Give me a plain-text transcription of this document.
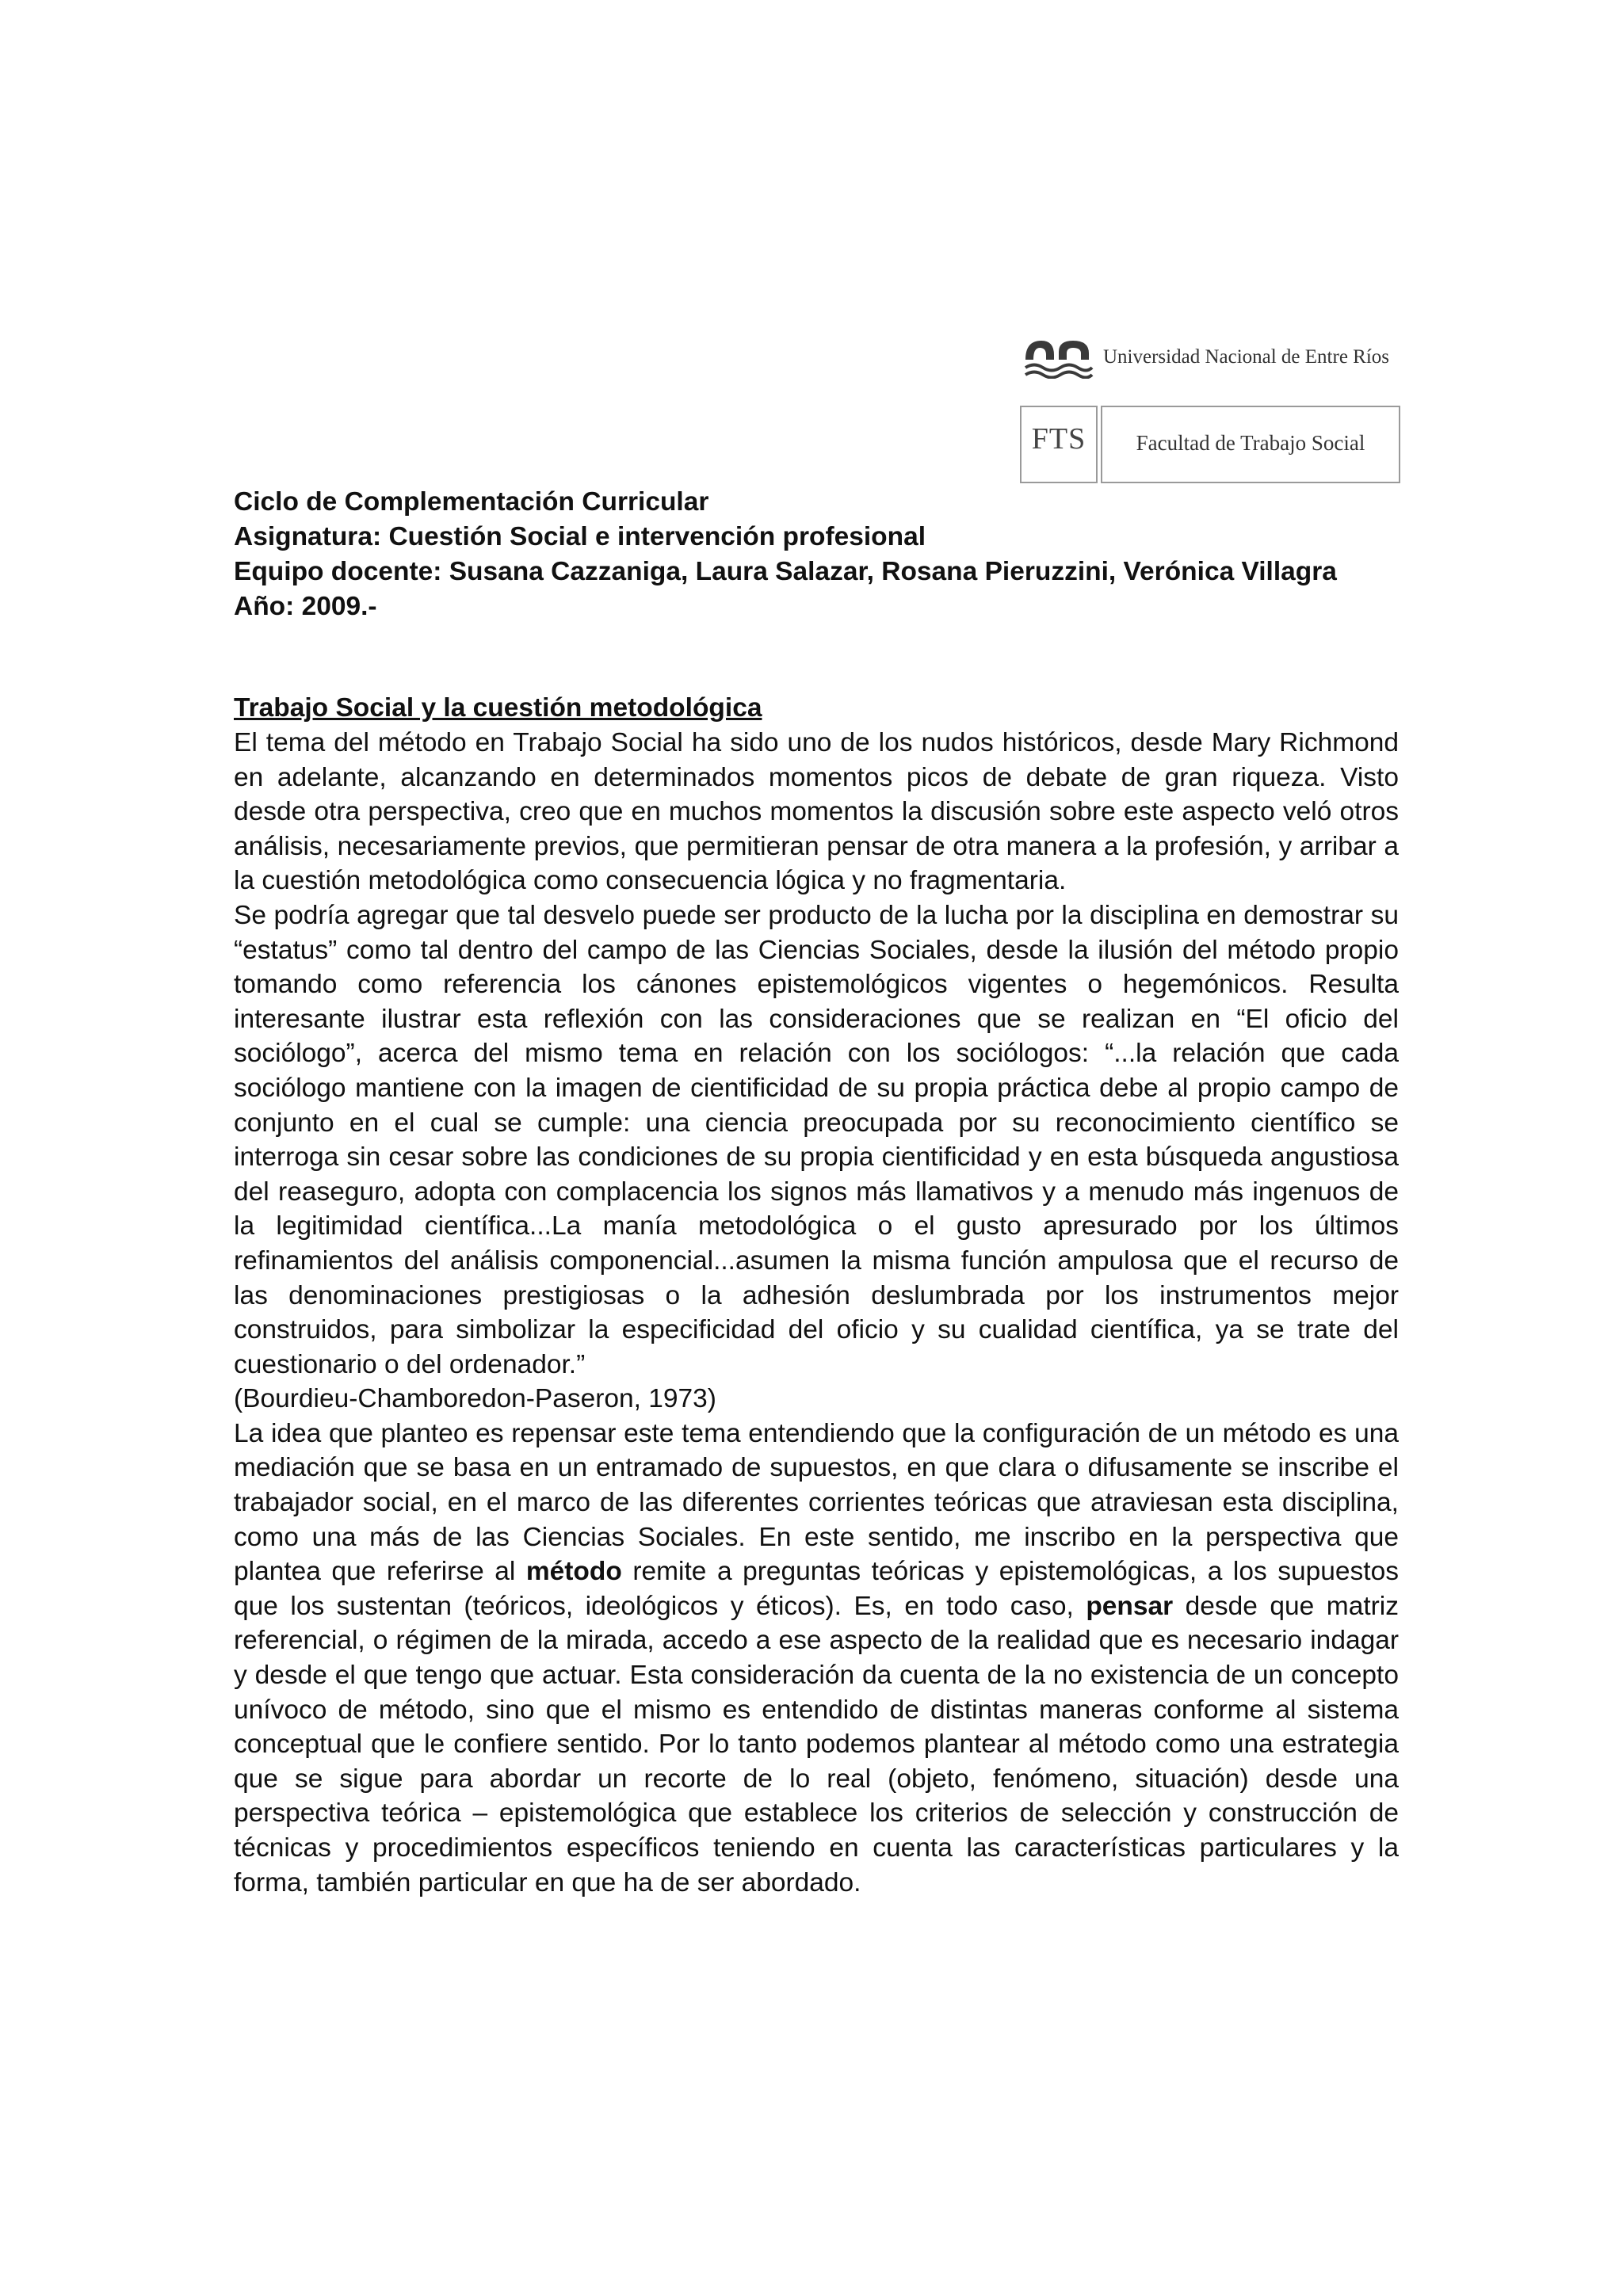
Universidad Nacional de Entre Ríos
FTS	Facultad de Trabajo Social

Ciclo de Complementación Curricular

Asignatura: Cuestión Social e intervención profesional

Equipo docente: Susana Cazzaniga, Laura Salazar, Rosana Pieruzzini, Verónica Villagra

Año: 2009.-

Trabajo Social y la cuestión metodológica

El tema del método en Trabajo Social ha sido uno de los nudos históricos, desde Mary Richmond en adelante, alcanzando en determinados momentos picos de debate de gran riqueza. Visto desde otra perspectiva, creo que en muchos momentos la discusión sobre este aspecto veló otros análisis, necesariamente previos, que permitieran pensar de otra manera a la profesión, y arribar a la cuestión metodológica como consecuencia lógica y no fragmentaria.

Se podría agregar que tal desvelo puede ser producto de la lucha por la disciplina en demostrar su “estatus” como tal dentro del campo de las Ciencias Sociales, desde la ilusión del método propio tomando como referencia los cánones epistemológicos vigentes o hegemónicos. Resulta interesante ilustrar esta reflexión con las consideraciones que se realizan en “El oficio del sociólogo”, acerca del mismo tema en relación con los sociólogos: “...la relación que cada sociólogo mantiene con la imagen de cientificidad de su propia práctica debe al propio campo de conjunto en el cual se cumple: una ciencia preocupada por su reconocimiento científico se interroga sin cesar sobre las condiciones de su propia cientificidad y en esta búsqueda angustiosa del reaseguro, adopta con complacencia los signos más llamativos y a menudo más ingenuos de la legitimidad científica...La manía metodológica o el gusto apresurado por los últimos refinamientos del análisis componencial...asumen la misma función ampulosa que el recurso de las denominaciones prestigiosas o la adhesión deslumbrada por los instrumentos mejor construidos, para simbolizar la especificidad del oficio y su cualidad científica, ya se trate del cuestionario o del ordenador.”
(Bourdieu-Chamboredon-Paseron, 1973)

La idea que planteo es repensar este tema entendiendo que la configuración de un método es una mediación que se basa en un entramado de supuestos, en que clara o difusamente se inscribe el trabajador social, en el marco de las diferentes corrientes teóricas que atraviesan esta disciplina, como una más de las Ciencias Sociales. En este sentido, me inscribo en la perspectiva que plantea que referirse al método remite a preguntas teóricas y epistemológicas, a los supuestos que los sustentan (teóricos, ideológicos y éticos). Es, en todo caso, pensar desde que matriz referencial, o régimen de la mirada, accedo a ese aspecto de la realidad que es necesario indagar y desde el que tengo que actuar. Esta consideración da cuenta de la no existencia de un concepto unívoco de método, sino que el mismo es entendido de distintas maneras conforme al sistema conceptual que le confiere sentido. Por lo tanto podemos plantear al método como una estrategia que se sigue para abordar un recorte de lo real (objeto, fenómeno, situación) desde una perspectiva teórica – epistemológica que establece los criterios de selección y construcción de técnicas y procedimientos específicos teniendo en cuenta las características particulares y la forma, también particular en que ha de ser abordado.
